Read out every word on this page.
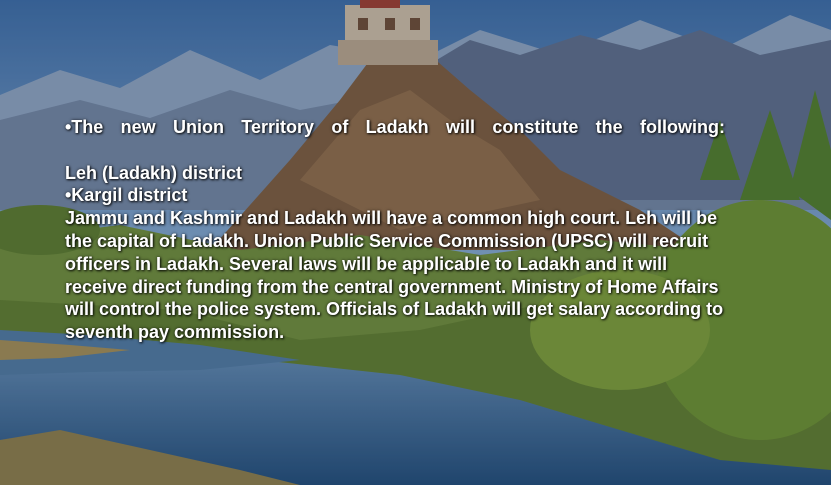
•The new Union Territory of Ladakh will constitute the following:

Leh (Ladakh) district

•Kargil district

Jammu and Kashmir and Ladakh will have a common high court. Leh will be the capital of Ladakh. Union Public Service Commission (UPSC) will recruit officers in Ladakh. Several laws will be applicable to Ladakh and it will receive direct funding from the central government. Ministry of Home Affairs will control the police system. Officials of Ladakh will get salary according to seventh pay commission.
